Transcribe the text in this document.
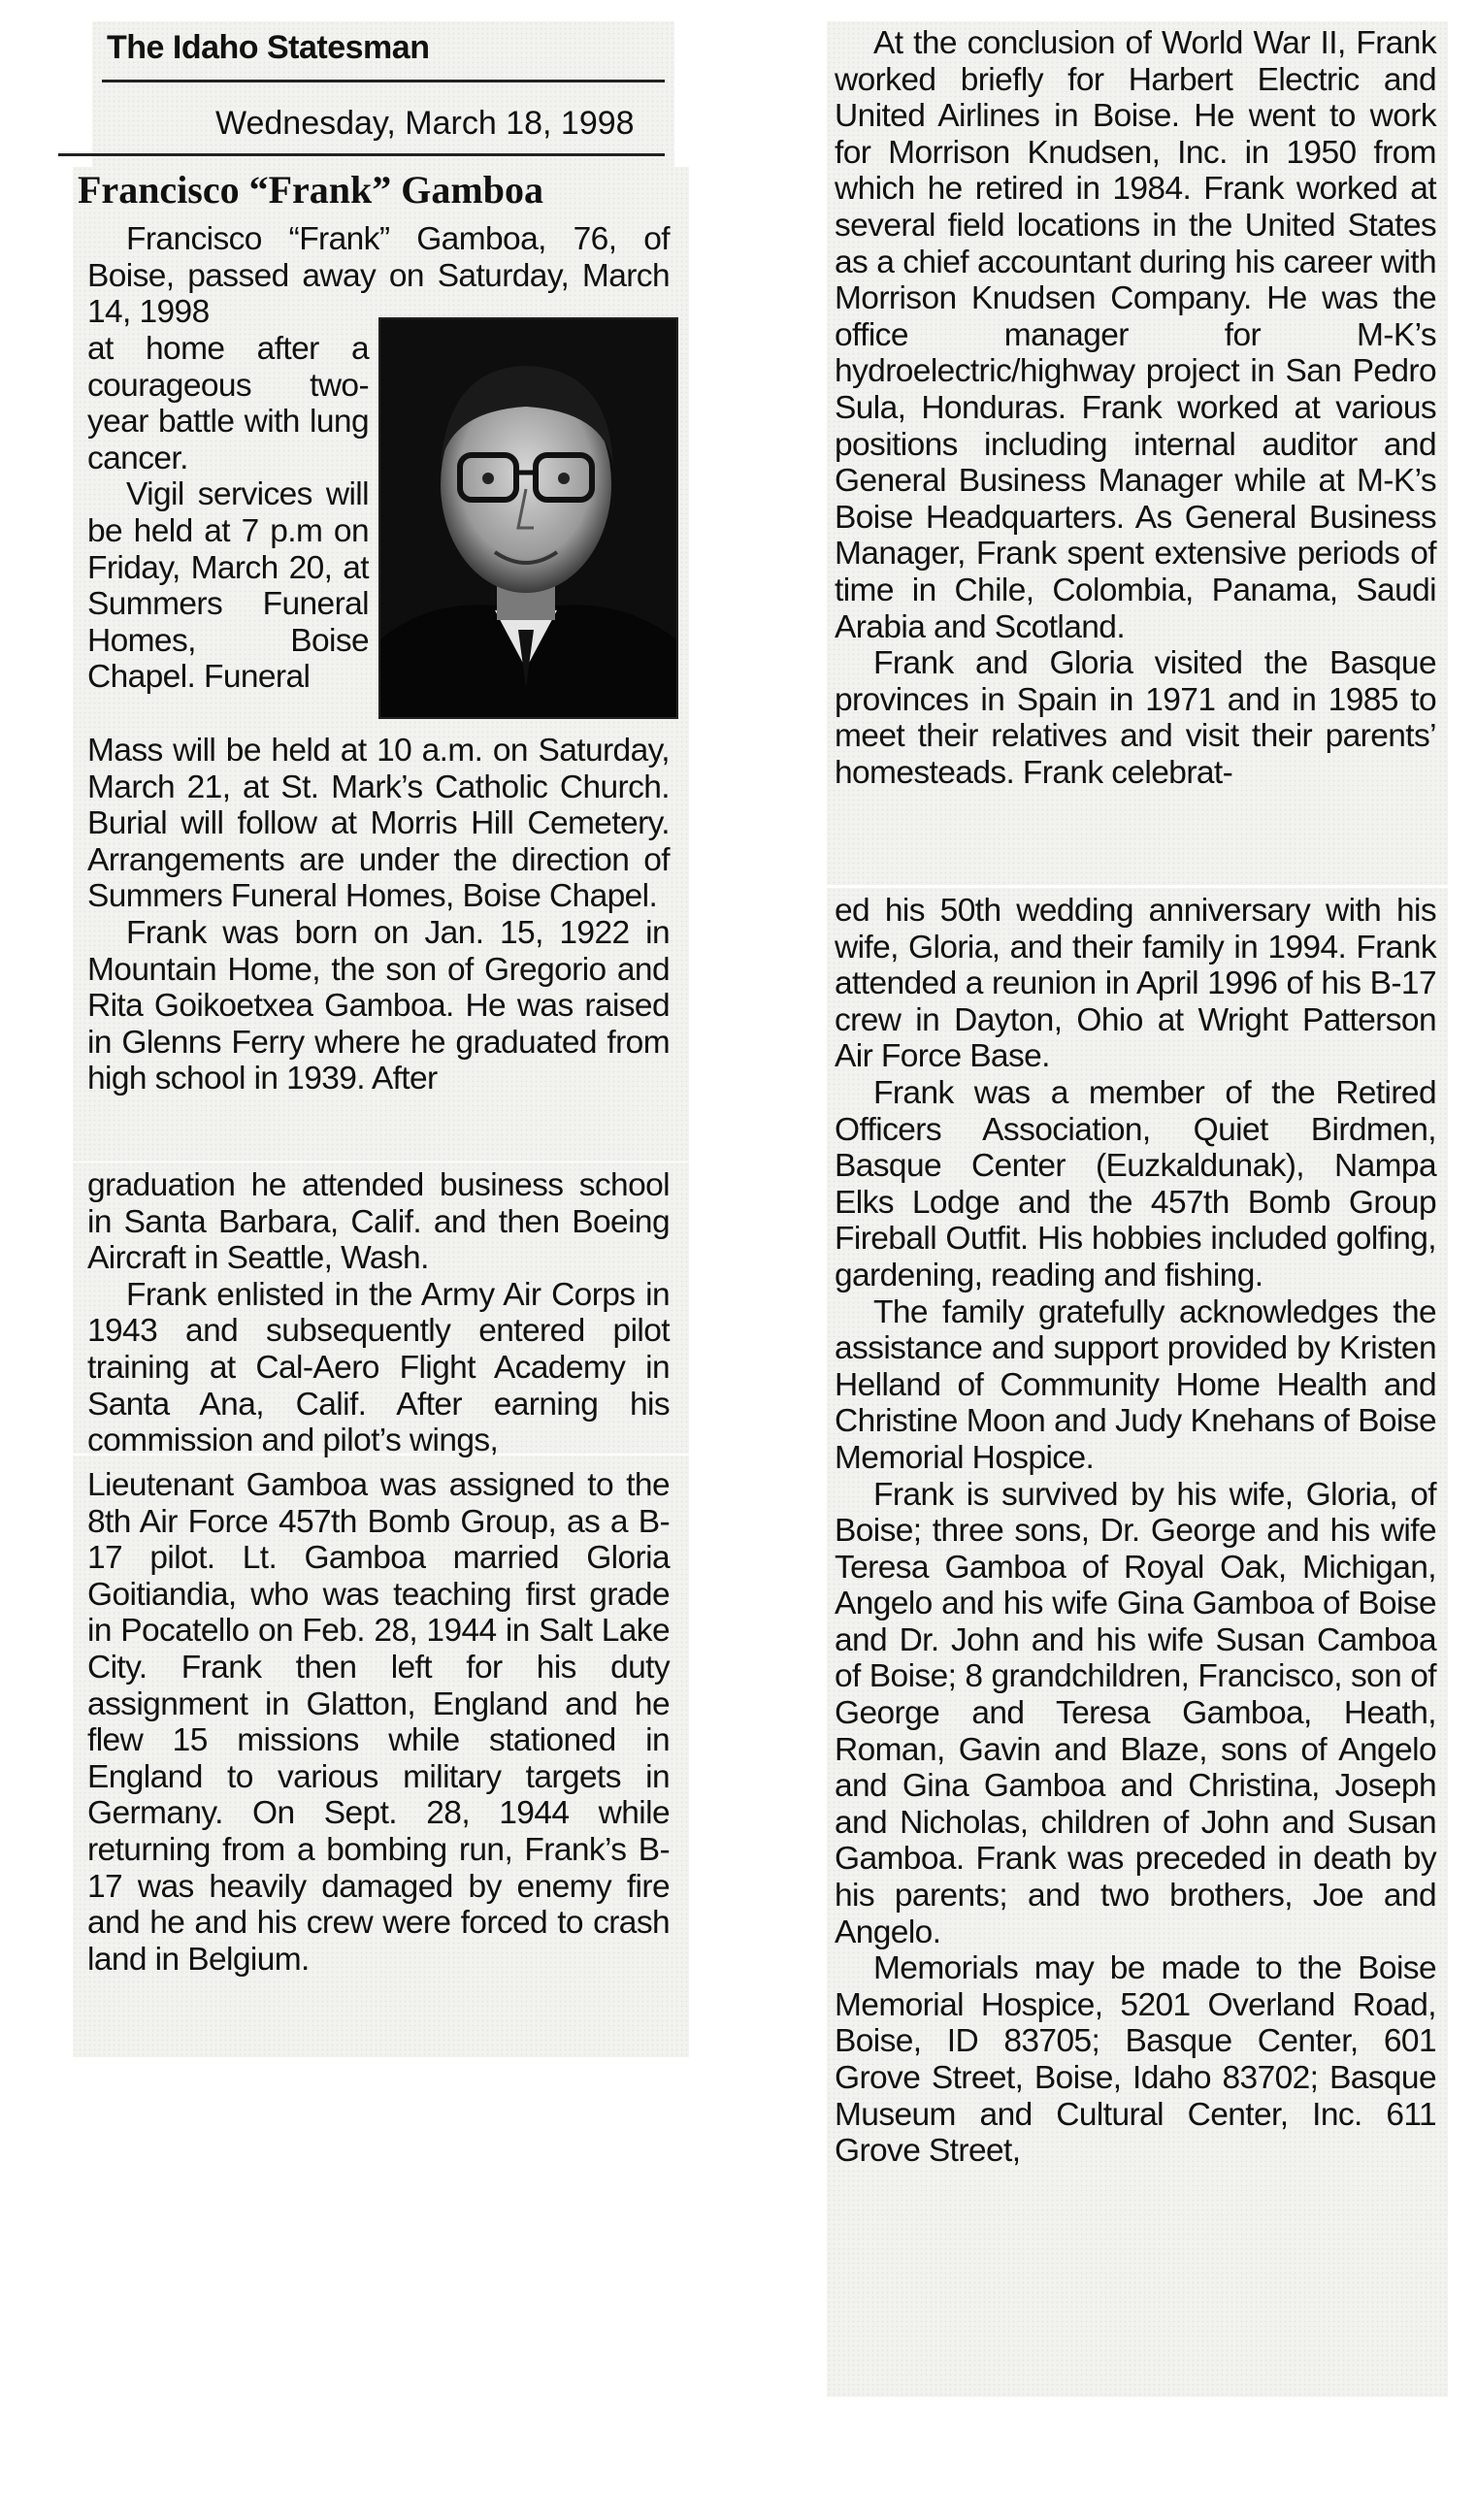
The Idaho Statesman
Wednesday, March 18, 1998
Francisco “Frank” Gamboa

Francisco “Frank” Gamboa, 76, of Boise, passed away on Saturday, March 14, 1998

at home after a courageous two-year battle with lung cancer.

Vigil services will be held at 7 p.m on Friday, March 20, at Summers Funeral Homes, Boise Chapel. Funeral

Mass will be held at 10 a.m. on Saturday, March 21, at St. Mark’s Catholic Church. Burial will follow at Morris Hill Cemetery. Arrangements are under the direction of Summers Funeral Homes, Boise Chapel.

Frank was born on Jan. 15, 1922 in Mountain Home, the son of Gregorio and Rita Goikoetxea Gamboa. He was raised in Glenns Ferry where he graduated from high school in 1939. After

graduation he attended business school in Santa Barbara, Calif. and then Boeing Aircraft in Seattle, Wash.

Frank enlisted in the Army Air Corps in 1943 and subsequently entered pilot training at Cal-Aero Flight Academy in Santa Ana, Calif. After earning his commission and pilot’s wings,

Lieutenant Gamboa was assigned to the 8th Air Force 457th Bomb Group, as a B-17 pilot. Lt. Gamboa married Gloria Goitiandia, who was teaching first grade in Pocatello on Feb. 28, 1944 in Salt Lake City. Frank then left for his duty assignment in Glatton, England and he flew 15 missions while stationed in England to various military targets in Germany. On Sept. 28, 1944 while returning from a bombing run, Frank’s B-17 was heavily damaged by enemy fire and he and his crew were forced to crash land in Belgium.

At the conclusion of World War II, Frank worked briefly for Harbert Electric and United Airlines in Boise. He went to work for Morrison Knudsen, Inc. in 1950 from which he retired in 1984. Frank worked at several field locations in the United States as a chief accountant during his career with Morrison Knudsen Company. He was the office manager for M-K’s hydroelectric/highway project in San Pedro Sula, Honduras. Frank worked at various positions including internal auditor and General Business Manager while at M-K’s Boise Headquarters. As General Business Manager, Frank spent extensive periods of time in Chile, Colombia, Panama, Saudi Arabia and Scotland.

Frank and Gloria visited the Basque provinces in Spain in 1971 and in 1985 to meet their relatives and visit their parents’ homesteads. Frank celebrat-

ed his 50th wedding anniversary with his wife, Gloria, and their family in 1994. Frank attended a reunion in April 1996 of his B-17 crew in Dayton, Ohio at Wright Patterson Air Force Base.

Frank was a member of the Retired Officers Association, Quiet Birdmen, Basque Center (Euzkaldunak), Nampa Elks Lodge and the 457th Bomb Group Fireball Outfit. His hobbies included golfing, gardening, reading and fishing.

The family gratefully acknowledges the assistance and support provided by Kristen Helland of Community Home Health and Christine Moon and Judy Knehans of Boise Memorial Hospice.

Frank is survived by his wife, Gloria, of Boise; three sons, Dr. George and his wife Teresa Gamboa of Royal Oak, Michigan, Angelo and his wife Gina Gamboa of Boise and Dr. John and his wife Susan Camboa of Boise; 8 grandchildren, Francisco, son of George and Teresa Gamboa, Heath, Roman, Gavin and Blaze, sons of Angelo and Gina Gamboa and Christina, Joseph and Nicholas, children of John and Susan Gamboa. Frank was preceded in death by his parents; and two brothers, Joe and Angelo.

Memorials may be made to the Boise Memorial Hospice, 5201 Overland Road, Boise, ID 83705; Basque Center, 601 Grove Street, Boise, Idaho 83702; Basque Museum and Cultural Center, Inc. 611 Grove Street,
